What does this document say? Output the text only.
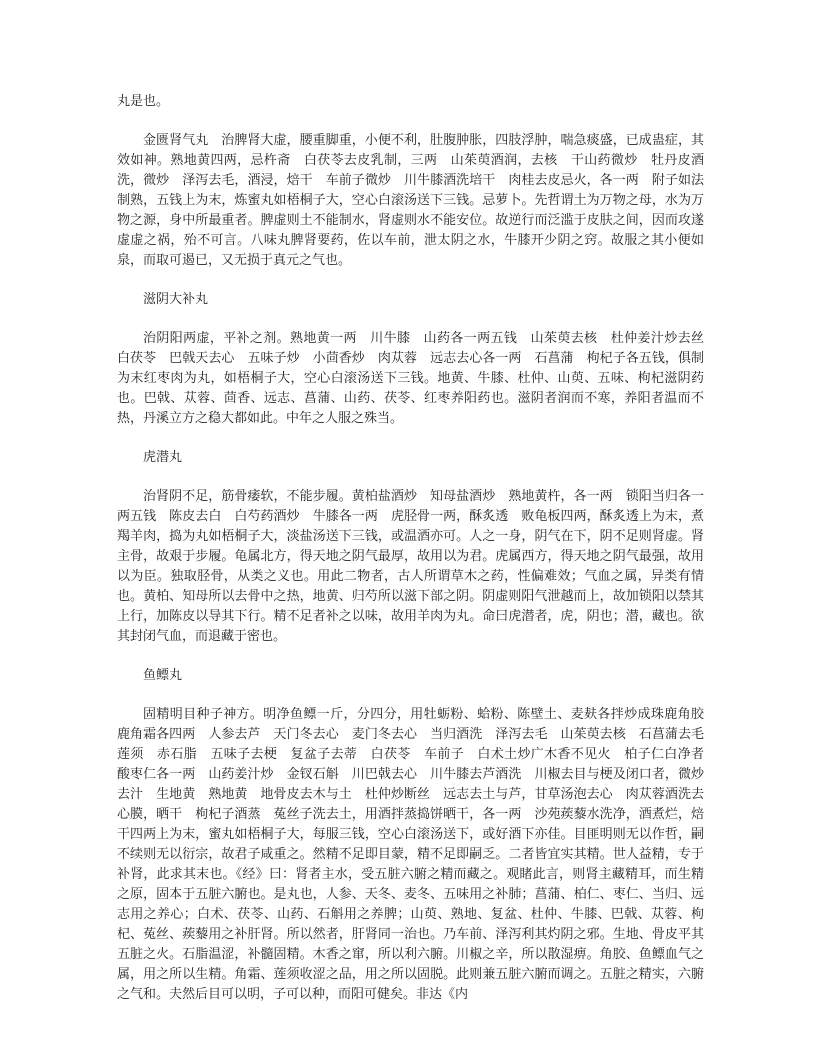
丸是也。

金匮肾气丸　治脾肾大虚，腰重脚重，小便不利，肚腹肿胀，四肢浮肿，喘急痰盛，已成蛊症，其效如神。熟地黄四两，忌杵斋　白茯苓去皮乳制，三两　山茱萸酒润，去核　干山药微炒　牡丹皮酒洗，微炒　泽泻去毛，酒浸，焙干　车前子微炒　川牛膝酒洗培干　肉桂去皮忌火，各一两　附子如法制熟，五钱上为末，炼蜜丸如梧桐子大，空心白滚汤送下三钱。忌萝卜。先哲谓土为万物之母，水为万物之源，身中所最重者。脾虚则土不能制水，肾虚则水不能安位。故逆行而泛滥于皮肤之间，因而攻遂虚虚之祸，殆不可言。八味丸脾肾要药，佐以车前，泄太阴之水，牛膝开少阴之窍。故服之其小便如泉，而取可遏已，又无损于真元之气也。

滋阴大补丸

治阴阳两虚，平补之剂。熟地黄一两　川牛膝　山药各一两五钱　山茱萸去核　杜仲姜汁炒去丝　白茯苓　巴戟天去心　五味子炒　小茴香炒　肉苁蓉　远志去心各一两　石菖蒲　枸杞子各五钱，俱制为末红枣肉为丸，如梧桐子大，空心白滚汤送下三钱。地黄、牛膝、杜仲、山萸、五味、枸杞滋阴药也。巴戟、苁蓉、茴香、远志、菖蒲、山药、茯苓、红枣养阳药也。滋阴者润而不寒，养阳者温而不热，丹溪立方之稳大都如此。中年之人服之殊当。

虎潜丸

治肾阴不足，筋骨痿软，不能步履。黄柏盐酒炒　知母盐酒炒　熟地黄杵，各一两　锁阳当归各一两五钱　陈皮去白　白芍药酒炒　牛膝各一两　虎胫骨一两，酥炙透　败龟板四两，酥炙透上为末，煮羯羊肉，捣为丸如梧桐子大，淡盐汤送下三钱，或温酒亦可。人之一身，阴气在下，阴不足则肾虚。肾主骨，故艰于步履。龟属北方，得天地之阴气最厚，故用以为君。虎属西方，得天地之阴气最强，故用以为臣。独取胫骨，从类之义也。用此二物者，古人所谓草木之药，性偏难效；气血之属，异类有情也。黄柏、知母所以去骨中之热，地黄、归芍所以滋下部之阴。阴虚则阳气泄越而上，故加锁阳以禁其上行，加陈皮以导其下行。精不足者补之以味，故用羊肉为丸。命曰虎潜者，虎，阴也；潜，藏也。欲其封闭气血，而退藏于密也。

鱼鳔丸

固精明目种子神方。明净鱼鳔一斤，分四分，用牡蛎粉、蛤粉、陈壁土、麦麸各拌炒成珠鹿角胶　鹿角霜各四两　人参去芦　天门冬去心　麦门冬去心　当归酒洗　泽泻去毛　山茱萸去核　石菖蒲去毛　莲须　赤石脂　五味子去梗　复盆子去蒂　白茯苓　车前子　白术土炒广木香不见火　柏子仁白净者　酸枣仁各一两　山药姜汁炒　金钗石斛　川巴戟去心　川牛膝去芦酒洗　川椒去目与梗及闭口者，微炒去汁　生地黄　熟地黄　地骨皮去木与土　杜仲炒断丝　远志去土与芦，甘草汤泡去心　肉苁蓉酒洗去心膜，晒干　枸杞子酒蒸　菟丝子洗去土，用酒拌蒸捣饼晒干，各一两　沙苑蒺藜水洗净，酒煮烂，焙干四两上为末，蜜丸如梧桐子大，每服三钱，空心白滚汤送下，或好酒下亦佳。目匪明则无以作哲，嗣不续则无以衍宗，故君子咸重之。然精不足即目蒙，精不足即嗣乏。二者皆宜实其精。世人益精，专于补肾，此求其末也。《经》曰：肾者主水，受五脏六腑之精而藏之。观睹此言，则肾主藏精耳，而生精之原，固本于五脏六腑也。是丸也，人参、天冬、麦冬、五味用之补肺；菖蒲、柏仁、枣仁、当归、远志用之养心；白术、茯苓、山药、石斛用之养脾；山萸、熟地、复盆、杜仲、牛膝、巴戟、苁蓉、枸杞、菟丝、蒺藜用之补肝肾。所以然者，肝肾同一治也。乃车前、泽泻利其灼阴之邪。生地、骨皮平其五脏之火。石脂温涩，补髓固精。木香之窜，所以利六腑。川椒之辛，所以散湿痹。角胶、鱼鳔血气之属，用之所以生精。角霜、莲须收涩之品，用之所以固脱。此则兼五脏六腑而调之。五脏之精实，六腑之气和。夫然后目可以明，子可以种，而阳可健矣。非达《内
